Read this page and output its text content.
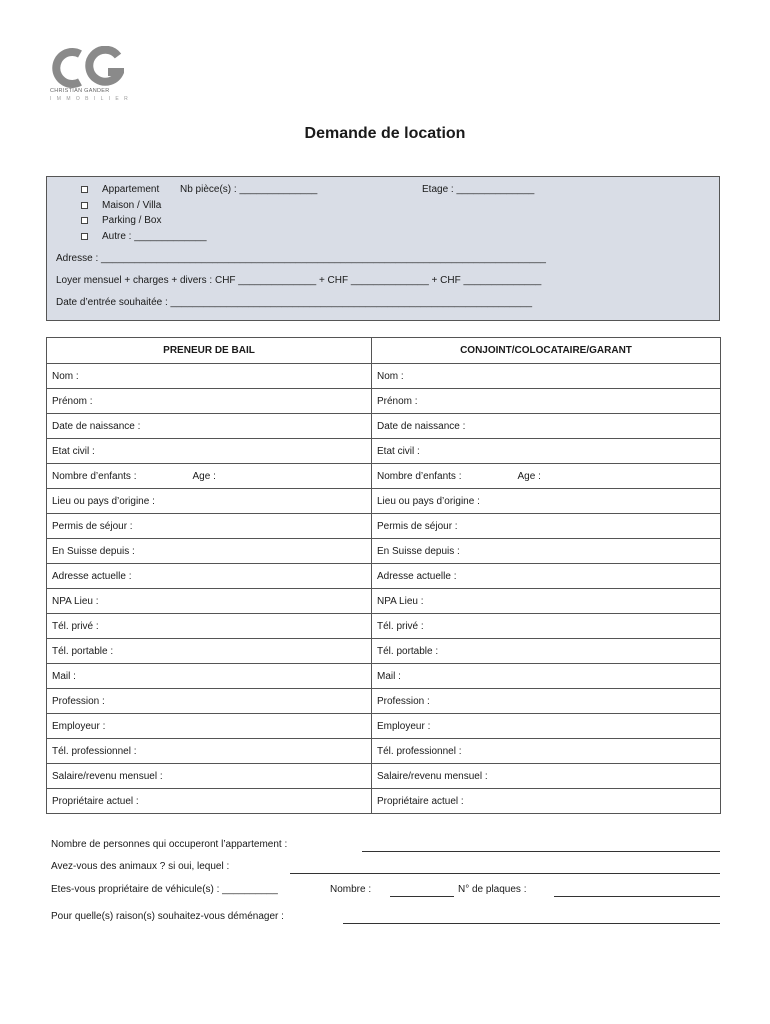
CHRISTIAN GANDER
I M M O B I L I E R
Demande de location
Appartement Nb pièce(s) : ______________	Etage : ______________
Maison / Villa
Parking / Box
Autre : _____________
Adresse : ________________________________________________________________________________
Loyer mensuel + charges + divers : CHF ______________ + CHF ______________ + CHF ______________
Date d’entrée souhaitée : _________________________________________________________________
PRENEUR DE BAIL	CONJOINT/COLOCATAIRE/GARANT
Nom :	Nom :
Prénom :	Prénom :
Date de naissance :	Date de naissance :
Etat civil :	Etat civil :
Nombre d’enfants : Age :	Nombre d’enfants : Age :
Lieu ou pays d’origine :	Lieu ou pays d’origine :
Permis de séjour :	Permis de séjour :
En Suisse depuis :	En Suisse depuis :
Adresse actuelle :	Adresse actuelle :
NPA Lieu :	NPA Lieu :
Tél. privé :	Tél. privé :
Tél. portable :	Tél. portable :
Mail :	Mail :
Profession :	Profession :
Employeur :	Employeur :
Tél. professionnel :	Tél. professionnel :
Salaire/revenu mensuel :	Salaire/revenu mensuel :
Propriétaire actuel :	Propriétaire actuel :
Nombre de personnes qui occuperont l’appartement :
Avez-vous des animaux ? si oui, lequel :
Etes-vous propriétaire de véhicule(s) : __________	Nombre :	N° de plaques :
Pour quelle(s) raison(s) souhaitez-vous déménager :
